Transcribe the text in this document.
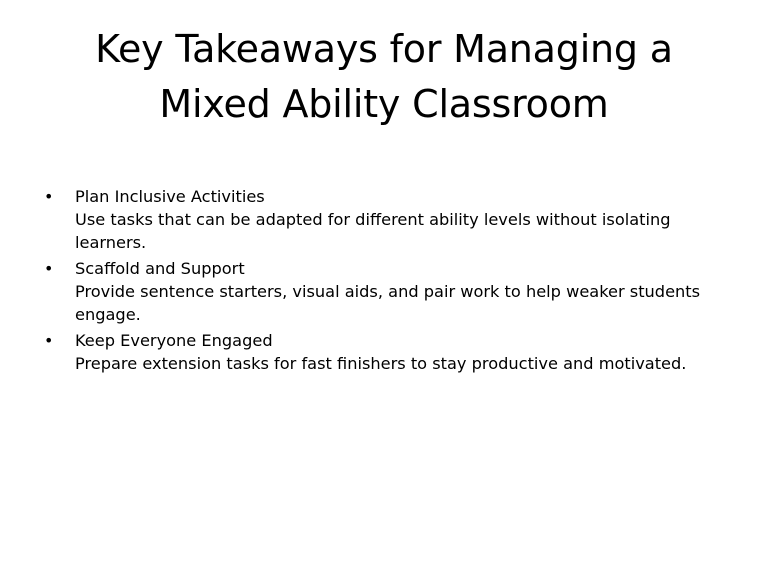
Key Takeaways for Managing a Mixed Ability Classroom
• Plan Inclusive Activities
Use tasks that can be adapted for different ability levels without isolating learners.
• Scaffold and Support
Provide sentence starters, visual aids, and pair work to help weaker students engage.
• Keep Everyone Engaged
Prepare extension tasks for fast finishers to stay productive and motivated.
